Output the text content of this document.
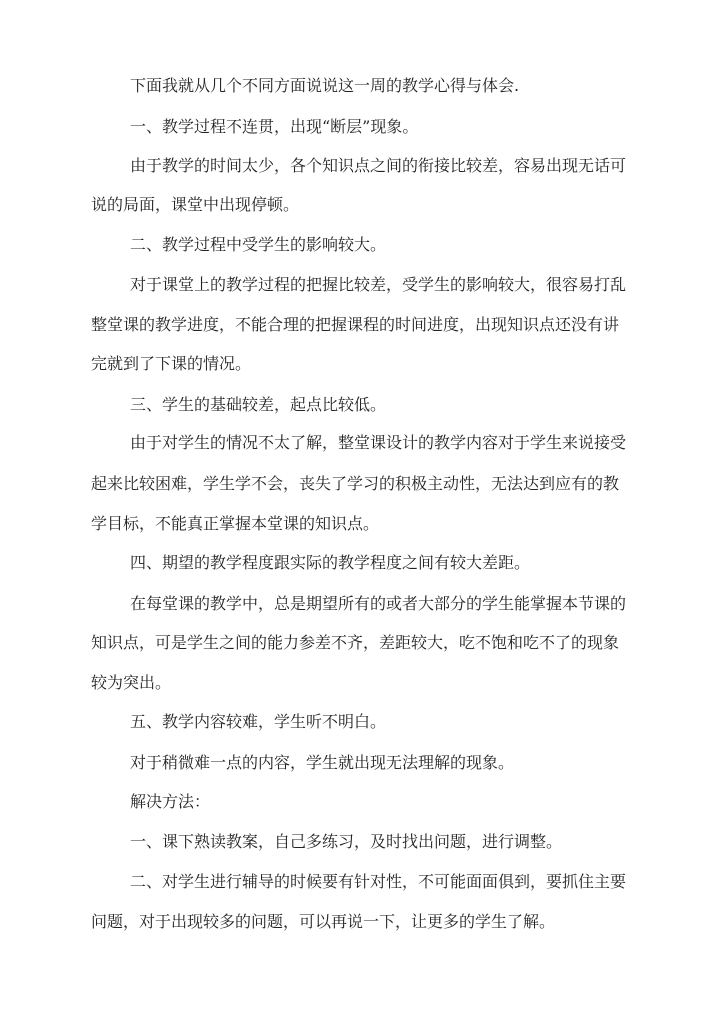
下面我就从几个不同方面说说这一周的教学心得与体会.
一、教学过程不连贯，出现“断层”现象。
由于教学的时间太少，各个知识点之间的衔接比较差，容易出现无话可
说的局面，课堂中出现停顿。
二、教学过程中受学生的影响较大。
对于课堂上的教学过程的把握比较差，受学生的影响较大，很容易打乱
整堂课的教学进度，不能合理的把握课程的时间进度，出现知识点还没有讲
完就到了下课的情况。
三、学生的基础较差，起点比较低。
由于对学生的情况不太了解，整堂课设计的教学内容对于学生来说接受
起来比较困难，学生学不会，丧失了学习的积极主动性，无法达到应有的教
学目标，不能真正掌握本堂课的知识点。
四、期望的教学程度跟实际的教学程度之间有较大差距。
在每堂课的教学中，总是期望所有的或者大部分的学生能掌握本节课的
知识点，可是学生之间的能力参差不齐，差距较大，吃不饱和吃不了的现象
较为突出。
五、教学内容较难，学生听不明白。
对于稍微难一点的内容，学生就出现无法理解的现象。
解决方法：
一、课下熟读教案，自己多练习，及时找出问题，进行调整。
二、对学生进行辅导的时候要有针对性，不可能面面俱到，要抓住主要
问题，对于出现较多的问题，可以再说一下，让更多的学生了解。
